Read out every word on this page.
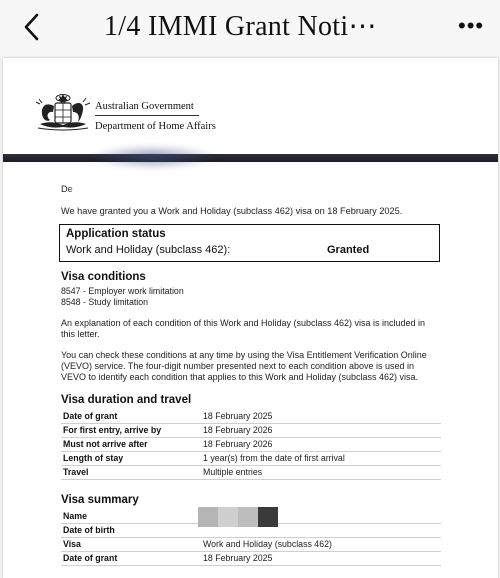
1/4 IMMI Grant Noti⋯	•••
Australian Government
Department of Home Affairs
De
We have granted you a Work and Holiday (subclass 462) visa on 18 February 2025.
Application status
Work and Holiday (subclass 462):	Granted
Visa conditions
8547 - Employer work limitation
8548 - Study limitation
An explanation of each condition of this Work and Holiday (subclass 462) visa is included in this letter.
You can check these conditions at any time by using the Visa Entitlement Verification Online (VEVO) service. The four-digit number presented next to each condition above is used in VEVO to identify each condition that applies to this Work and Holiday (subclass 462) visa.
Visa duration and travel
Date of grant	18 February 2025
For first entry, arrive by	18 February 2026
Must not arrive after	18 February 2026
Length of stay	1 year(s) from the date of first arrival
Travel	Multiple entries
Visa summary
Name
Date of birth
Visa	Work and Holiday (subclass 462)
Date of grant	18 February 2025
